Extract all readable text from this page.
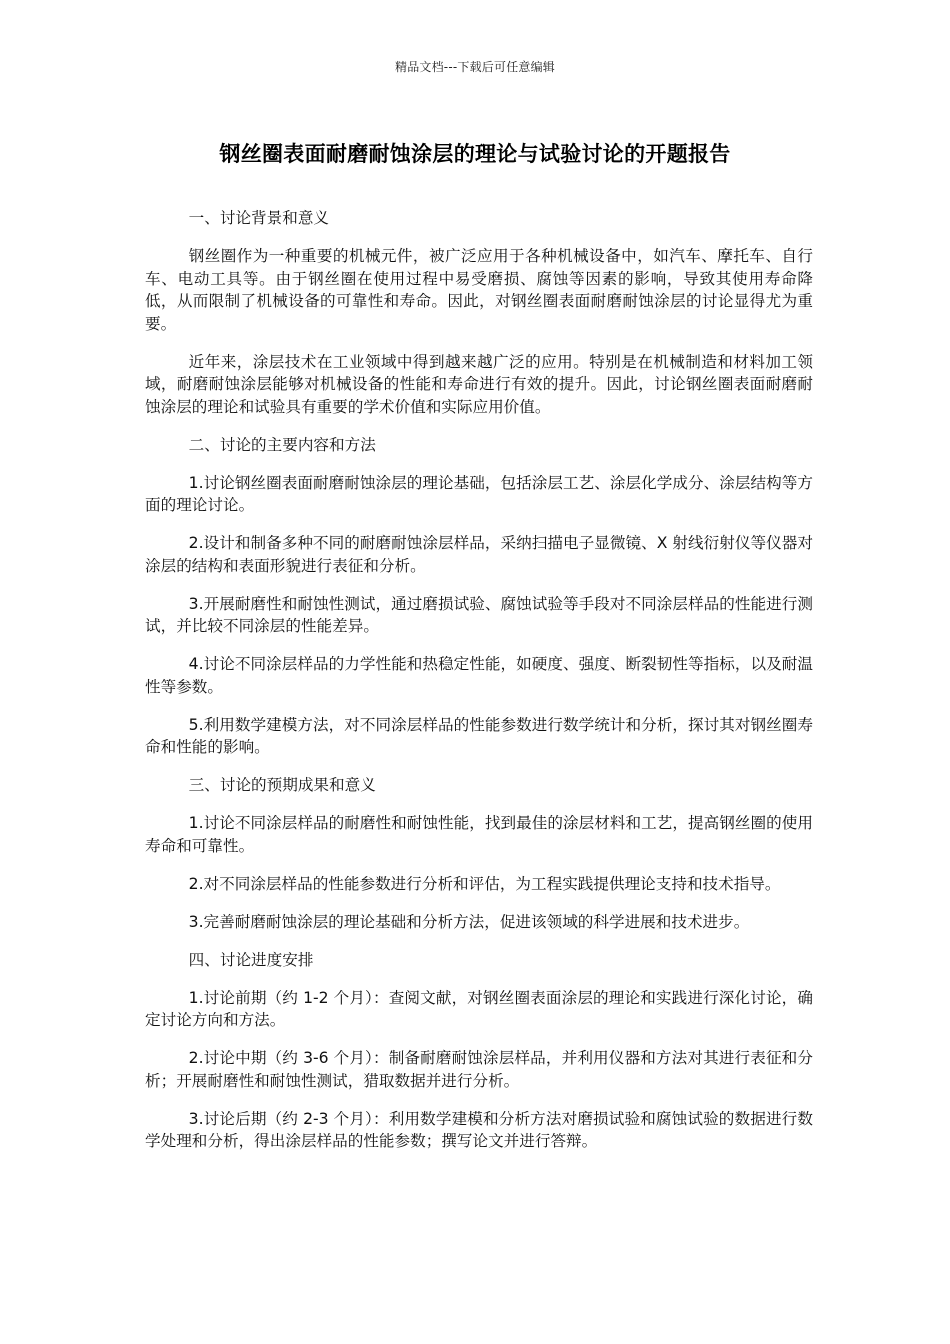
精品文档---下载后可任意编辑
钢丝圈表面耐磨耐蚀涂层的理论与试验讨论的开题报告

一、讨论背景和意义

钢丝圈作为一种重要的机械元件，被广泛应用于各种机械设备中，如汽车、摩托车、自行车、电动工具等。由于钢丝圈在使用过程中易受磨损、腐蚀等因素的影响，导致其使用寿命降低，从而限制了机械设备的可靠性和寿命。因此，对钢丝圈表面耐磨耐蚀涂层的讨论显得尤为重要。

近年来，涂层技术在工业领域中得到越来越广泛的应用。特别是在机械制造和材料加工领域，耐磨耐蚀涂层能够对机械设备的性能和寿命进行有效的提升。因此，讨论钢丝圈表面耐磨耐蚀涂层的理论和试验具有重要的学术价值和实际应用价值。

二、讨论的主要内容和方法

1.讨论钢丝圈表面耐磨耐蚀涂层的理论基础，包括涂层工艺、涂层化学成分、涂层结构等方面的理论讨论。

2.设计和制备多种不同的耐磨耐蚀涂层样品，采纳扫描电子显微镜、X 射线衍射仪等仪器对涂层的结构和表面形貌进行表征和分析。

3.开展耐磨性和耐蚀性测试，通过磨损试验、腐蚀试验等手段对不同涂层样品的性能进行测试，并比较不同涂层的性能差异。

4.讨论不同涂层样品的力学性能和热稳定性能，如硬度、强度、断裂韧性等指标，以及耐温性等参数。

5.利用数学建模方法，对不同涂层样品的性能参数进行数学统计和分析，探讨其对钢丝圈寿命和性能的影响。

三、讨论的预期成果和意义

1.讨论不同涂层样品的耐磨性和耐蚀性能，找到最佳的涂层材料和工艺，提高钢丝圈的使用寿命和可靠性。

2.对不同涂层样品的性能参数进行分析和评估，为工程实践提供理论支持和技术指导。

3.完善耐磨耐蚀涂层的理论基础和分析方法，促进该领域的科学进展和技术进步。

四、讨论进度安排

1.讨论前期（约 1-2 个月）：查阅文献，对钢丝圈表面涂层的理论和实践进行深化讨论，确定讨论方向和方法。

2.讨论中期（约 3-6 个月）：制备耐磨耐蚀涂层样品，并利用仪器和方法对其进行表征和分析；开展耐磨性和耐蚀性测试，猎取数据并进行分析。

3.讨论后期（约 2-3 个月）：利用数学建模和分析方法对磨损试验和腐蚀试验的数据进行数学处理和分析，得出涂层样品的性能参数；撰写论文并进行答辩。
